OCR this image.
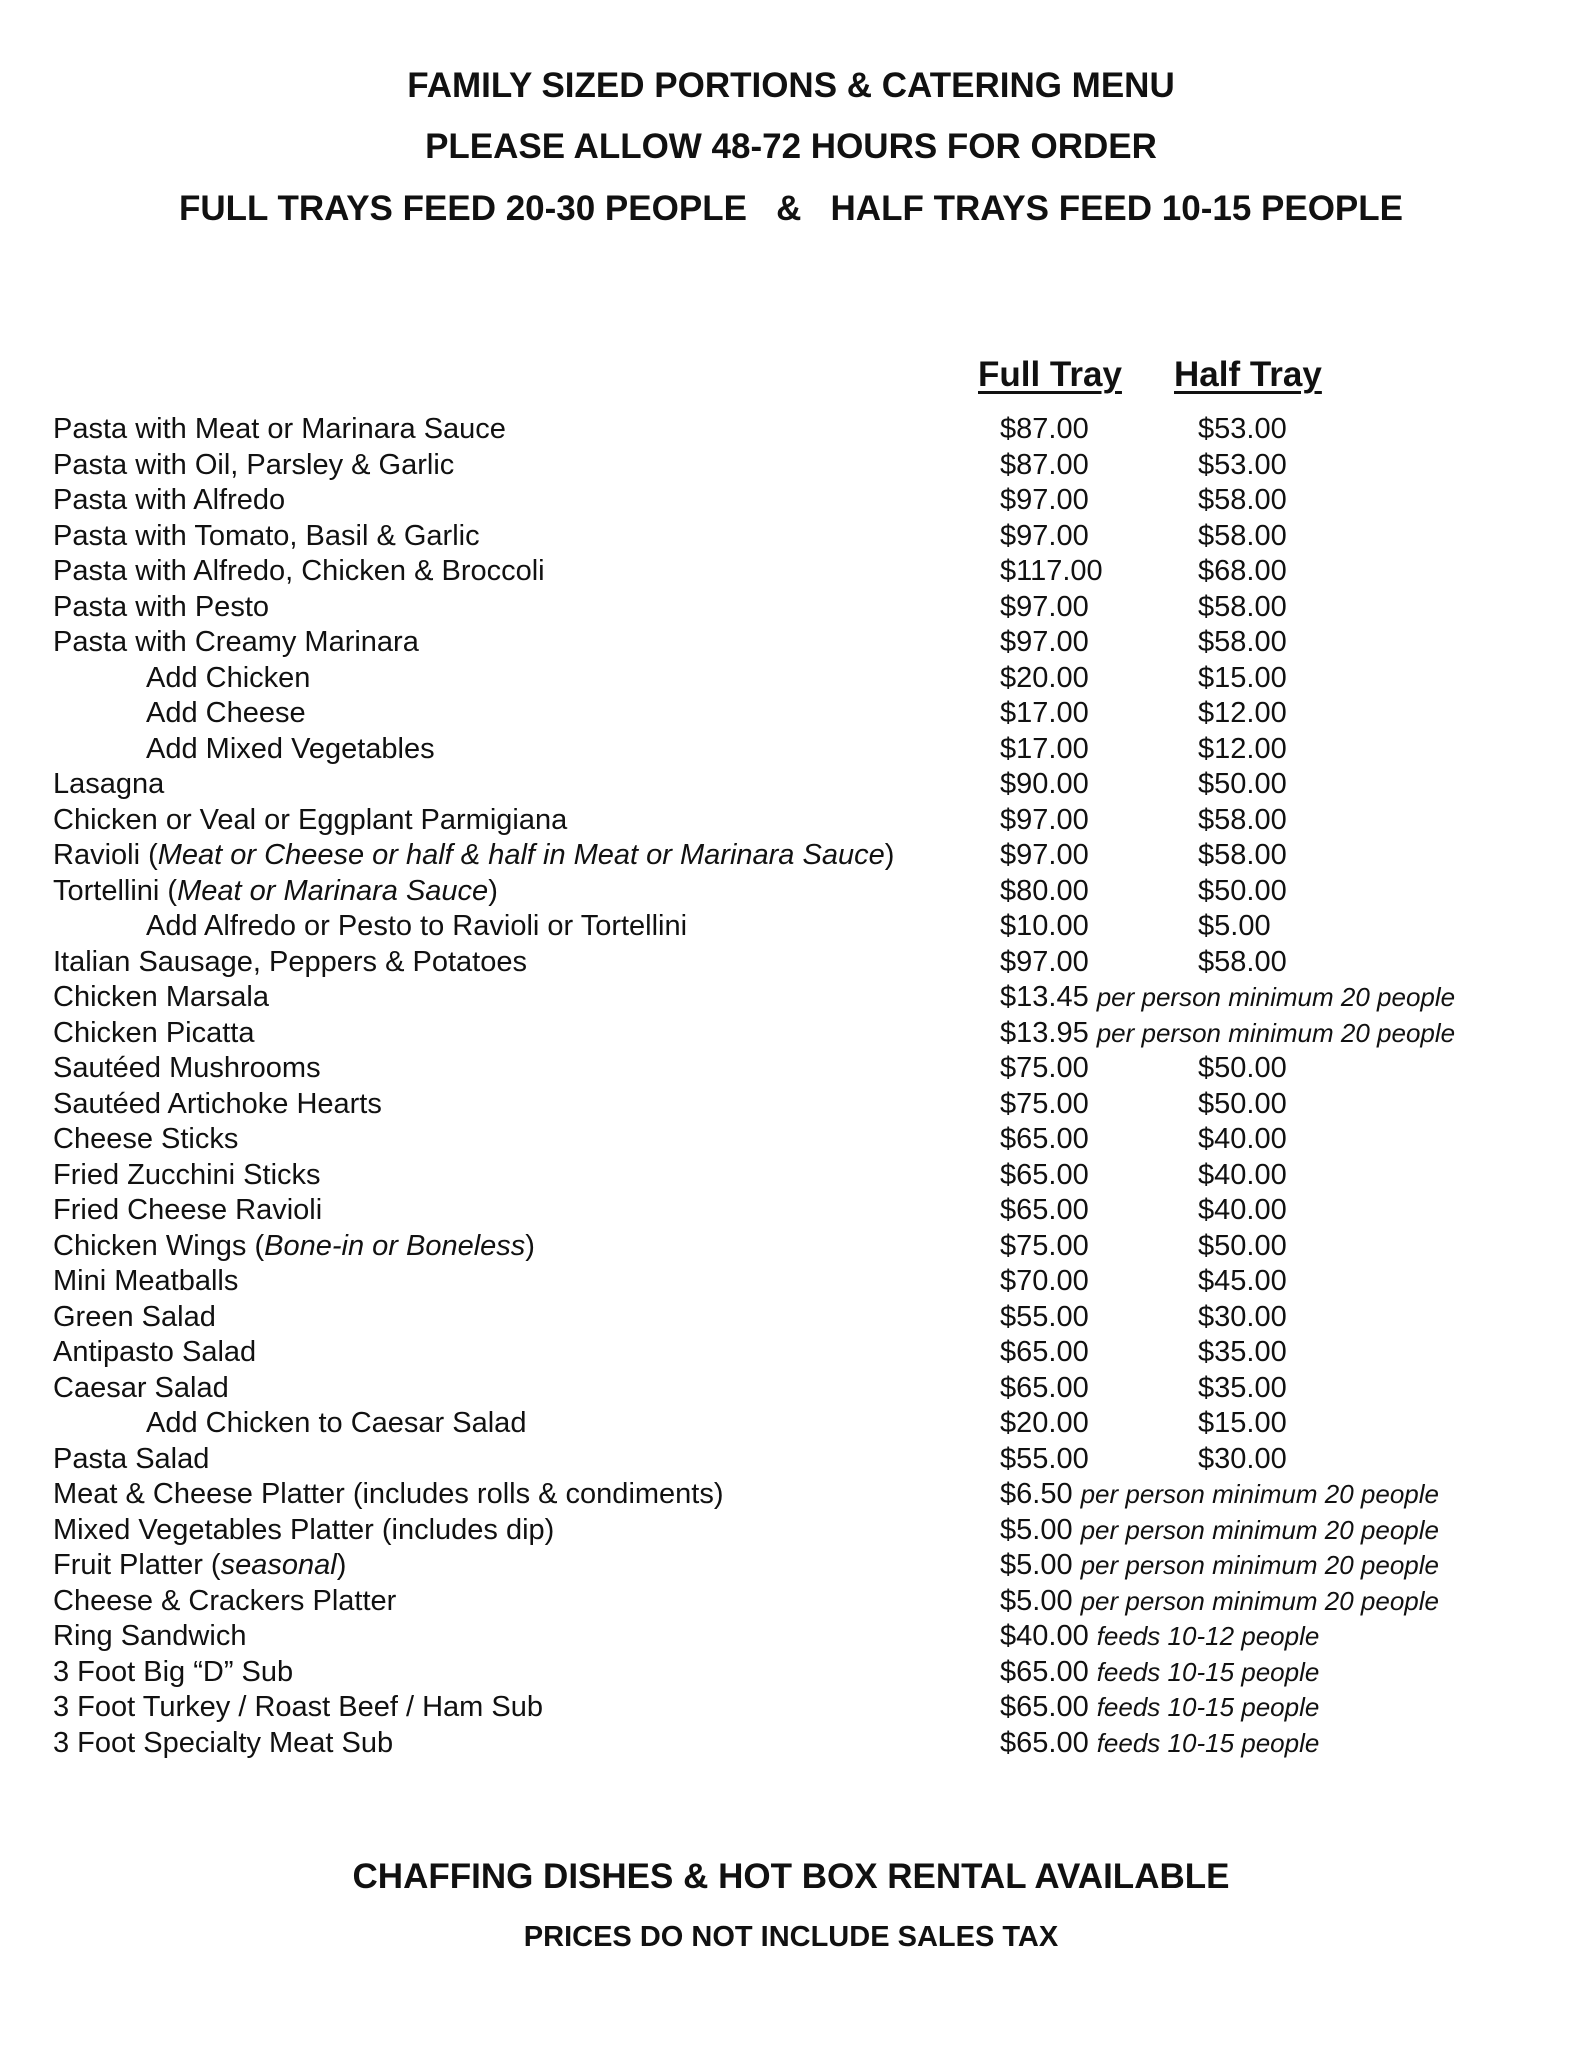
FAMILY SIZED PORTIONS & CATERING MENU
PLEASE ALLOW 48-72 HOURS FOR ORDER
FULL TRAYS FEED 20-30 PEOPLE   &   HALF TRAYS FEED 10-15 PEOPLE
Full Tray Half Tray
Pasta with Meat or Marinara Sauce	$87.00	$53.00
Pasta with Oil, Parsley & Garlic	$87.00	$53.00
Pasta with Alfredo	$97.00	$58.00
Pasta with Tomato, Basil & Garlic	$97.00	$58.00
Pasta with Alfredo, Chicken & Broccoli	$117.00	$68.00
Pasta with Pesto	$97.00	$58.00
Pasta with Creamy Marinara	$97.00	$58.00
Add Chicken	$20.00	$15.00
Add Cheese	$17.00	$12.00
Add Mixed Vegetables	$17.00	$12.00
Lasagna	$90.00	$50.00
Chicken or Veal or Eggplant Parmigiana	$97.00	$58.00
Ravioli (Meat or Cheese or half & half in Meat or Marinara Sauce)	$97.00	$58.00
Tortellini (Meat or Marinara Sauce)	$80.00	$50.00
Add Alfredo or Pesto to Ravioli or Tortellini	$10.00	$5.00
Italian Sausage, Peppers & Potatoes	$97.00	$58.00
Chicken Marsala	$13.45 per person minimum 20 people
Chicken Picatta	$13.95 per person minimum 20 people
Sautéed Mushrooms	$75.00	$50.00
Sautéed Artichoke Hearts	$75.00	$50.00
Cheese Sticks	$65.00	$40.00
Fried Zucchini Sticks	$65.00	$40.00
Fried Cheese Ravioli	$65.00	$40.00
Chicken Wings (Bone-in or Boneless)	$75.00	$50.00
Mini Meatballs	$70.00	$45.00
Green Salad	$55.00	$30.00
Antipasto Salad	$65.00	$35.00
Caesar Salad	$65.00	$35.00
Add Chicken to Caesar Salad	$20.00	$15.00
Pasta Salad	$55.00	$30.00
Meat & Cheese Platter (includes rolls & condiments)	$6.50 per person minimum 20 people
Mixed Vegetables Platter (includes dip)	$5.00 per person minimum 20 people
Fruit Platter (seasonal)	$5.00 per person minimum 20 people
Cheese & Crackers Platter	$5.00 per person minimum 20 people
Ring Sandwich	$40.00 feeds 10-12 people
3 Foot Big “D” Sub	$65.00 feeds 10-15 people
3 Foot Turkey / Roast Beef / Ham Sub	$65.00 feeds 10-15 people
3 Foot Specialty Meat Sub	$65.00 feeds 10-15 people
CHAFFING DISHES & HOT BOX RENTAL AVAILABLE
PRICES DO NOT INCLUDE SALES TAX
